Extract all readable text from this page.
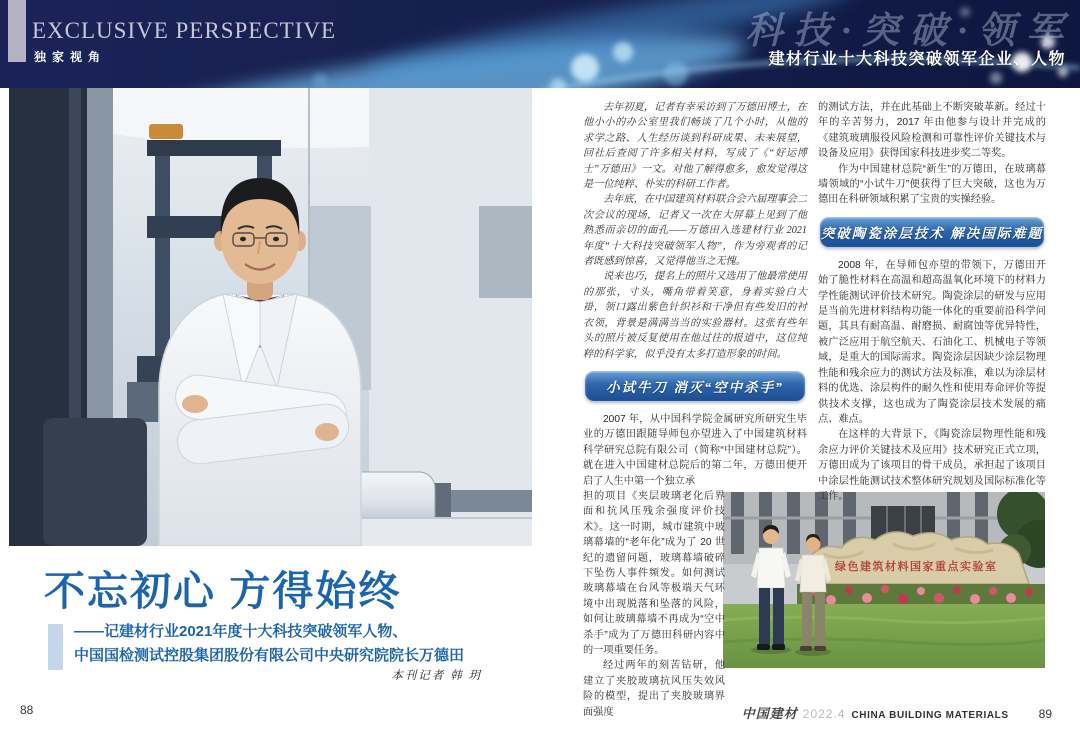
EXCLUSIVE PERSPECTIVE
独家视角
科技·突破·领军
建材行业十大科技突破领军企业、人物
不忘初心 方得始终
——记建材行业2021年度十大科技突破领军人物、
中国国检测试控股集团股份有限公司中央研究院院长万德田
本刊记者 韩 玥
88

去年初夏，记者有幸采访到了万德田博士，在他小小的办公室里我们畅谈了几个小时，从他的求学之路、人生经历谈到科研成果、未来展望，回社后查阅了许多相关材料，写成了《“好运博士”万德田》一文。对他了解得愈多，愈发觉得这是一位纯粹、朴实的科研工作者。

去年底，在中国建筑材料联合会六届理事会二次会议的现场，记者又一次在大屏幕上见到了他熟悉而亲切的面孔——万德田入选建材行业 2021 年度“十大科技突破领军人物”，作为旁观者的记者既感到惊喜，又觉得他当之无愧。

说来也巧，提名上的照片又选用了他最常使用的那张，寸头，嘴角带着笑意，身着实验白大褂，领口露出紫色针织衫和干净但有些发旧的衬衣领，背景是满满当当的实验器材。这张有些年头的照片被反复使用在他过往的报道中，这位纯粹的科学家，似乎没有太多打造形象的时间。

小试牛刀 消灭“空中杀手”

2007 年，从中国科学院金属研究所研究生毕业的万德田跟随导师包亦望进入了中国建筑材料科学研究总院有限公司（简称“中国建材总院”）。就在进入中国建材总院后的第二年，万德田便开启了人生中第一个独立承

担的项目《夹层玻璃老化后界面和抗风压残余强度评价技术》。这一时期，城市建筑中玻璃幕墙的“老年化”成为了 20 世纪的遗留问题，玻璃幕墙破碎下坠伤人事件频发。如何测试玻璃幕墙在台风等极端天气环境中出现脱落和坠落的风险，如何让玻璃幕墙不再成为“空中杀手”成为了万德田科研内容中的一项重要任务。

经过两年的刻苦钻研，他建立了夹胶玻璃抗风压失效风险的模型，提出了夹胶玻璃界面强度

的测试方法，并在此基础上不断突破革新。经过十年的辛苦努力，2017 年由他参与设计并完成的《建筑玻璃服役风险检测和可靠性评价关键技术与设备及应用》获得国家科技进步奖二等奖。

作为中国建材总院“新生”的万德田，在玻璃幕墙领域的“小试牛刀”便获得了巨大突破，这也为万德田在科研领域积累了宝贵的实操经验。

突破陶瓷涂层技术 解决国际难题

2008 年，在导师包亦望的带领下，万德田开始了脆性材料在高温和超高温氧化环境下的材料力学性能测试评价技术研究。陶瓷涂层的研发与应用是当前先进材料结构功能一体化的重要前沿科学问题，其具有耐高温、耐磨损、耐腐蚀等优异特性，被广泛应用于航空航天、石油化工、机械电子等领域，是重大的国际需求。陶瓷涂层因缺少涂层物理性能和残余应力的测试方法及标准，难以为涂层材料的优选、涂层构件的耐久性和使用寿命评价等提供技术支撑，这也成为了陶瓷涂层技术发展的痛点、难点。

在这样的大背景下，《陶瓷涂层物理性能和残余应力评价关键技术及应用》技术研究正式立项，万德田成为了该项目的骨干成员，承担起了该项目中涂层性能测试技术整体研究规划及国际标准化等工作。

绿色建筑材料国家重点实验室
中国建材 2022.4 CHINA BUILDING MATERIALS	89
